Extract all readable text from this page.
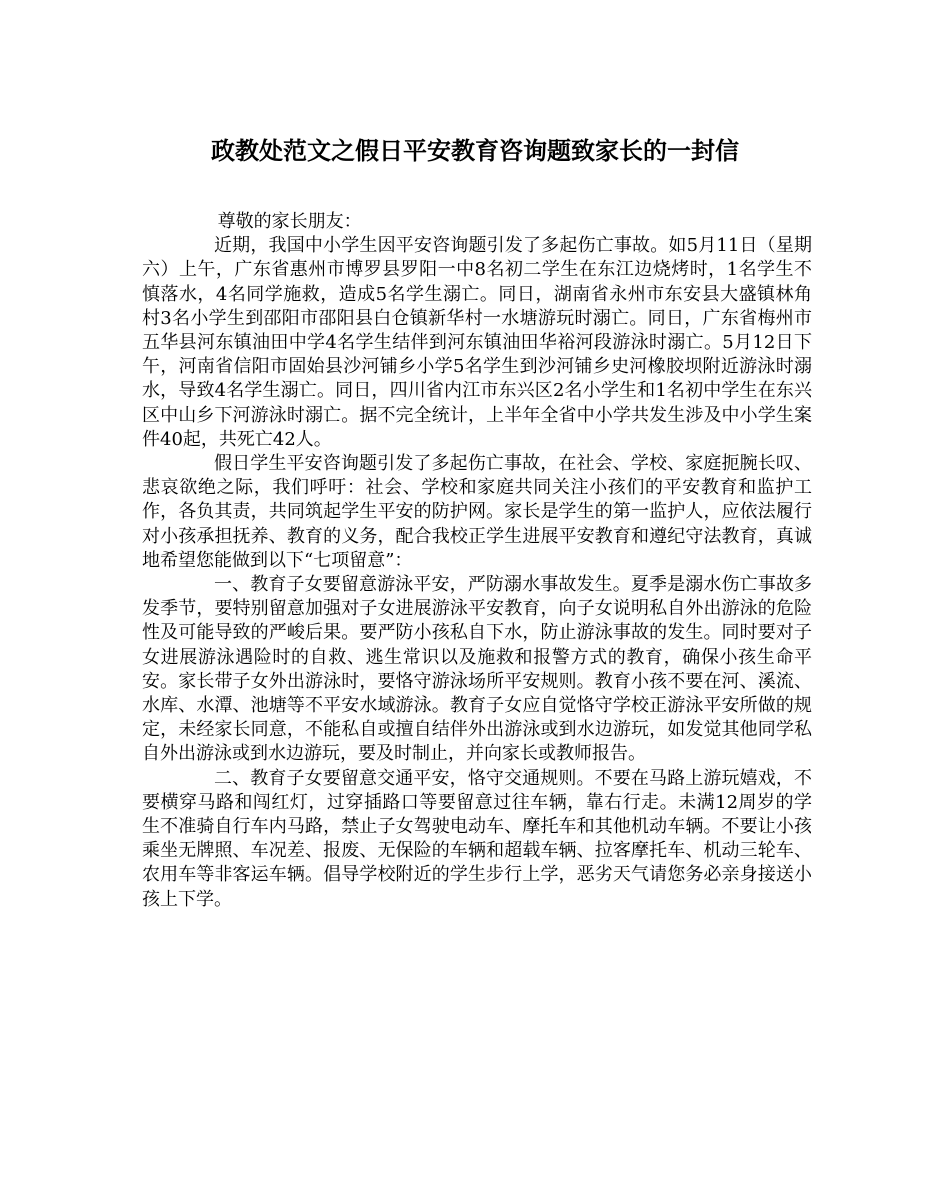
政教处范文之假日平安教育咨询题致家长的一封信

尊敬的家长朋友：

近期，我国中小学生因平安咨询题引发了多起伤亡事故。如5月11日（星期六）上午，广东省惠州市博罗县罗阳一中8名初二学生在东江边烧烤时，1名学生不慎落水，4名同学施救，造成5名学生溺亡。同日，湖南省永州市东安县大盛镇林角村3名小学生到邵阳市邵阳县白仓镇新华村一水塘游玩时溺亡。同日，广东省梅州市五华县河东镇油田中学4名学生结伴到河东镇油田华裕河段游泳时溺亡。5月12日下午，河南省信阳市固始县沙河铺乡小学5名学生到沙河铺乡史河橡胶坝附近游泳时溺水，导致4名学生溺亡。同日，四川省内江市东兴区2名小学生和1名初中学生在东兴区中山乡下河游泳时溺亡。据不完全统计，上半年全省中小学共发生涉及中小学生案件40起，共死亡42人。

假日学生平安咨询题引发了多起伤亡事故，在社会、学校、家庭扼腕长叹、悲哀欲绝之际，我们呼吁：社会、学校和家庭共同关注小孩们的平安教育和监护工作，各负其责，共同筑起学生平安的防护网。家长是学生的第一监护人，应依法履行对小孩承担抚养、教育的义务，配合我校正学生进展平安教育和遵纪守法教育，真诚地希望您能做到以下“七项留意”：

一、教育子女要留意游泳平安，严防溺水事故发生。夏季是溺水伤亡事故多发季节，要特别留意加强对子女进展游泳平安教育，向子女说明私自外出游泳的危险性及可能导致的严峻后果。要严防小孩私自下水，防止游泳事故的发生。同时要对子女进展游泳遇险时的自救、逃生常识以及施救和报警方式的教育，确保小孩生命平安。家长带子女外出游泳时，要恪守游泳场所平安规则。教育小孩不要在河、溪流、水库、水潭、池塘等不平安水域游泳。教育子女应自觉恪守学校正游泳平安所做的规定，未经家长同意，不能私自或擅自结伴外出游泳或到水边游玩，如发觉其他同学私自外出游泳或到水边游玩，要及时制止，并向家长或教师报告。

二、教育子女要留意交通平安，恪守交通规则。不要在马路上游玩嬉戏，不要横穿马路和闯红灯，过穿插路口等要留意过往车辆，靠右行走。未满12周岁的学生不准骑自行车内马路，禁止子女驾驶电动车、摩托车和其他机动车辆。不要让小孩乘坐无牌照、车况差、报废、无保险的车辆和超载车辆、拉客摩托车、机动三轮车、农用车等非客运车辆。倡导学校附近的学生步行上学，恶劣天气请您务必亲身接送小孩上下学。
